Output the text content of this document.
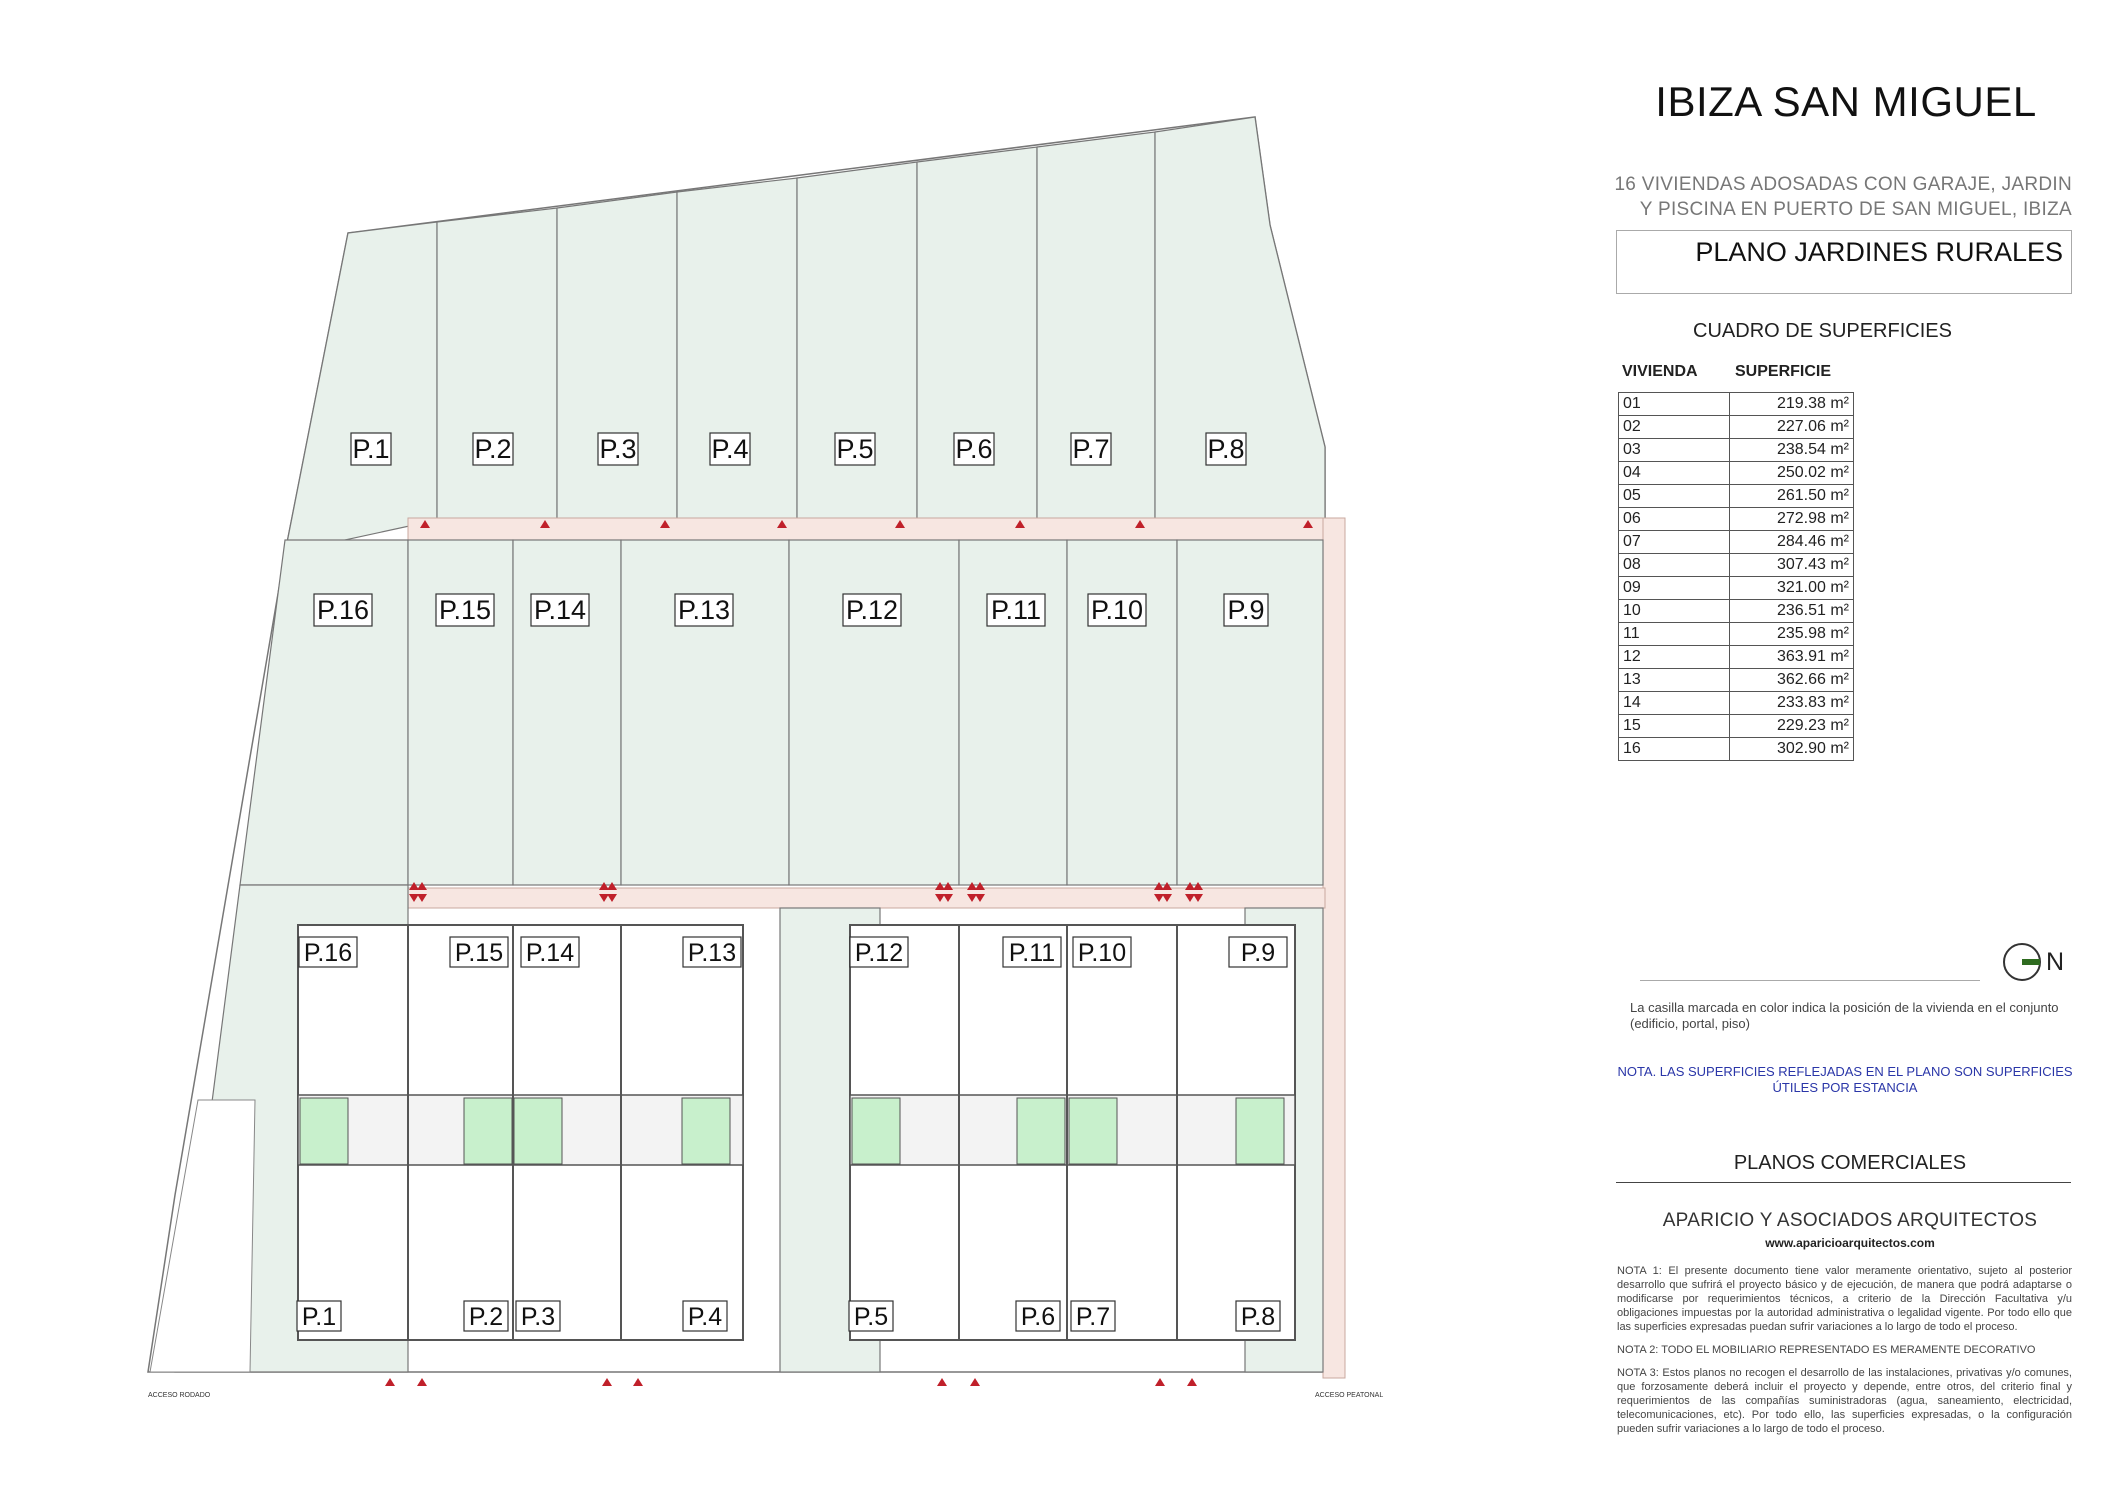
P.1	P.2	P.3	P.4	P.5	P.6	P.7	P.8
P.16	P.15 P.14	P.13	P.12	P.11 P.10	P.9
P.16	P.15 P.14	P.13	P.12	P.11 P.10	P.9
P.1	P.2 P.3	P.4	P.5	P.6 P.7	P.8
ACCESO RODADO	ACCESO PEATONAL
IBIZA SAN MIGUEL
16 VIVIENDAS ADOSADAS CON GARAJE, JARDIN
Y PISCINA EN PUERTO DE SAN MIGUEL, IBIZA
PLANO JARDINES RURALES
CUADRO DE SUPERFICIES
VIVIENDA SUPERFICIE
01	219.38 m²
02	227.06 m²
03	238.54 m²
04	250.02 m²
05	261.50 m²
06	272.98 m²
07	284.46 m²
08	307.43 m²
09	321.00 m²
10	236.51 m²
11	235.98 m²
12	363.91 m²
13	362.66 m²
14	233.83 m²
15	229.23 m²
16	302.90 m²
N
La casilla marcada en color indica la posición de la vivienda en el conjunto (edificio, portal, piso)
NOTA. LAS SUPERFICIES REFLEJADAS EN EL PLANO SON SUPERFICIES ÚTILES POR ESTANCIA
PLANOS COMERCIALES
APARICIO Y ASOCIADOS ARQUITECTOS
www.aparicioarquitectos.com

NOTA 1: El presente documento tiene valor meramente orientativo, sujeto al posterior desarrollo que sufrirá el proyecto básico y de ejecución, de manera que podrá adaptarse o modificarse por requerimientos técnicos, a criterio de la Dirección Facultativa y/u obligaciones impuestas por la autoridad administrativa o legalidad vigente. Por todo ello que las superficies expresadas puedan sufrir variaciones a lo largo de todo el proceso.

NOTA 2: TODO EL MOBILIARIO REPRESENTADO ES MERAMENTE DECORATIVO

NOTA 3: Estos planos no recogen el desarrollo de las instalaciones, privativas y/o comunes, que forzosamente deberá incluir el proyecto y depende, entre otros, del criterio final y requerimientos de las compañías suministradoras (agua, saneamiento, electricidad, telecomunicaciones, etc). Por todo ello, las superficies expresadas, o la configuración pueden sufrir variaciones a lo largo de todo el proceso.
